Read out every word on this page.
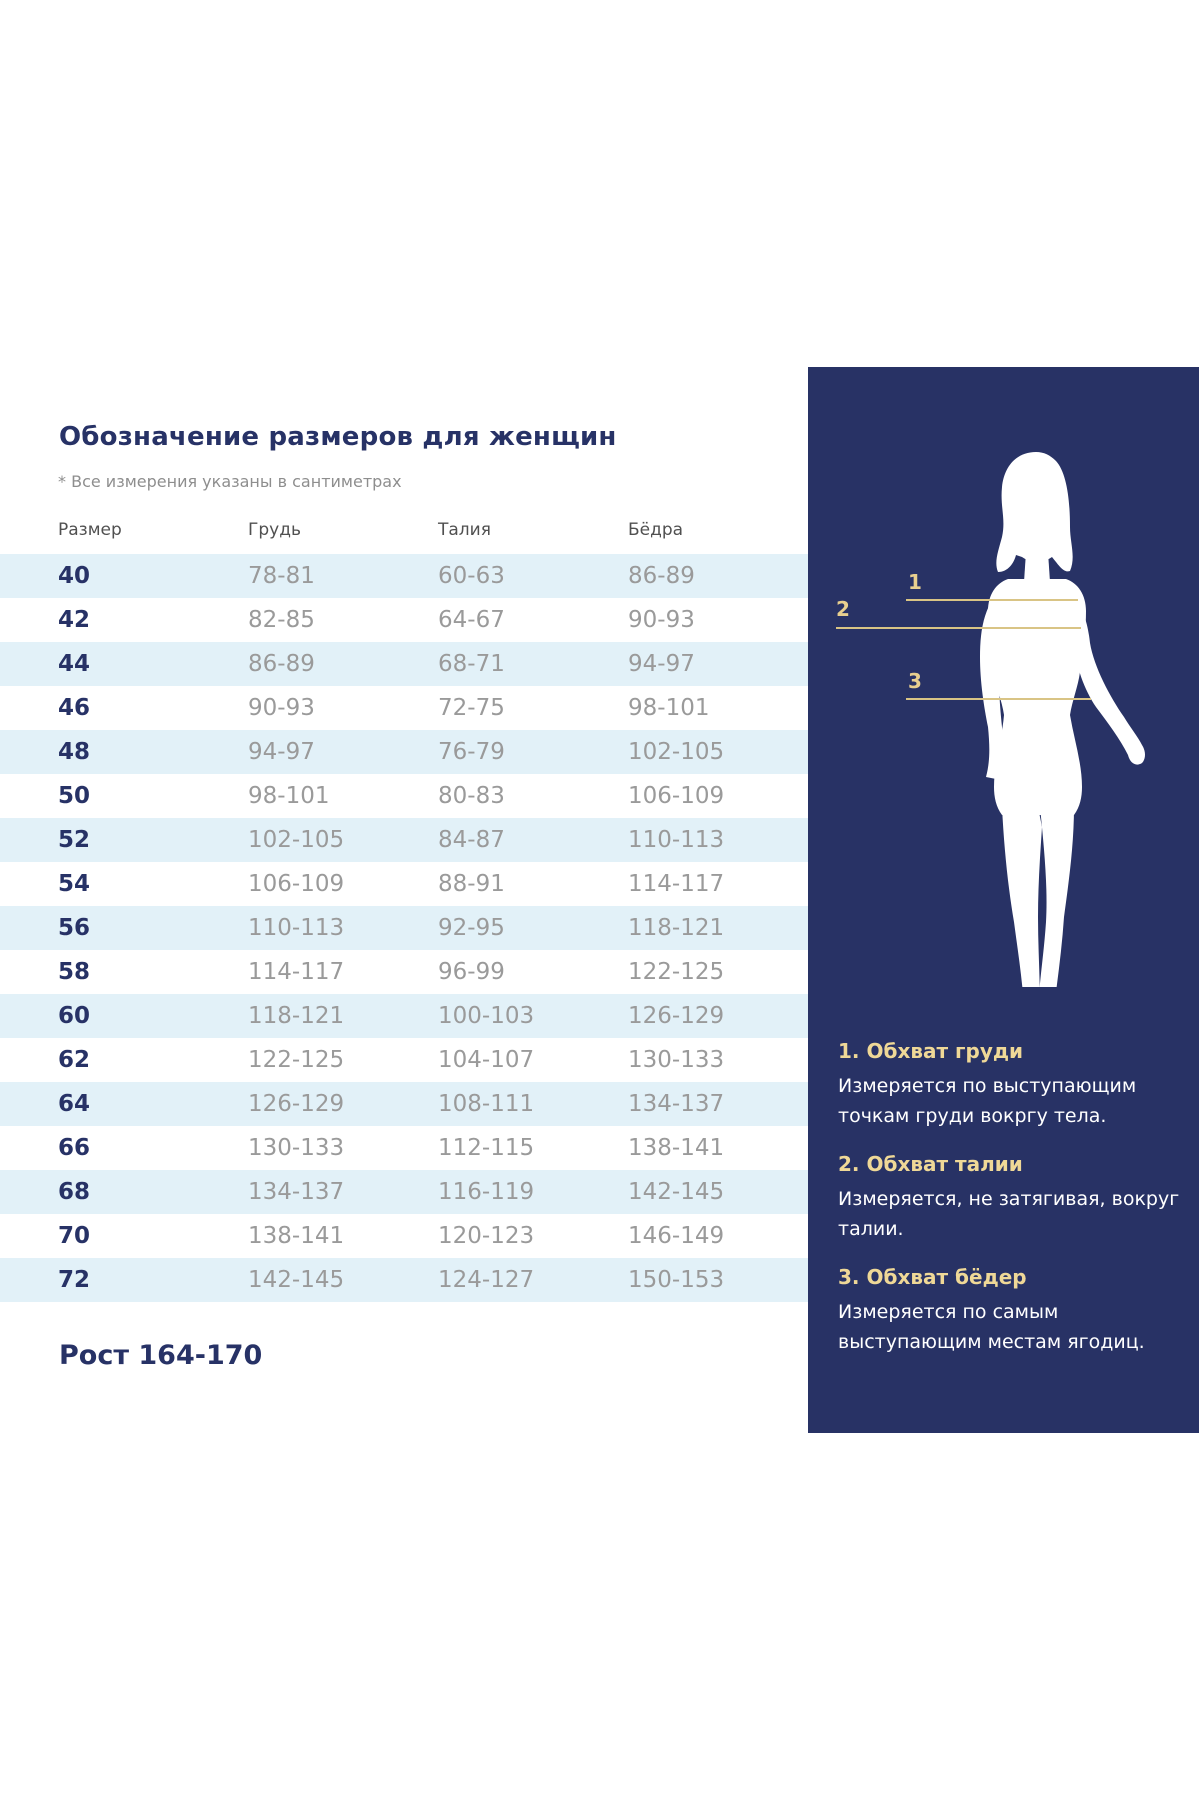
Обозначение размеров для женщин
* Все измерения указаны в сантиметрах
Размер	Грудь	Талия	Бёдра
40	78-81	60-63	86-89
42	82-85	64-67	90-93
44	86-89	68-71	94-97
46	90-93	72-75	98-101
48	94-97	76-79	102-105
50	98-101	80-83	106-109
52	102-105	84-87	110-113
54	106-109	88-91	114-117
56	110-113	92-95	118-121
58	114-117	96-99	122-125
60	118-121	100-103	126-129
62	122-125	104-107	130-133
64	126-129	108-111	134-137
66	130-133	112-115	138-141
68	134-137	116-119	142-145
70	138-141	120-123	146-149
72	142-145	124-127	150-153
Рост 164-170
1
2
3

1. Обхват груди

Измеряется по выступающим точкам груди вокргу тела.

2. Обхват талии

Измеряется, не затягивая, вокруг талии.

3. Обхват бёдер

Измеряется по самым выступающим местам ягодиц.
